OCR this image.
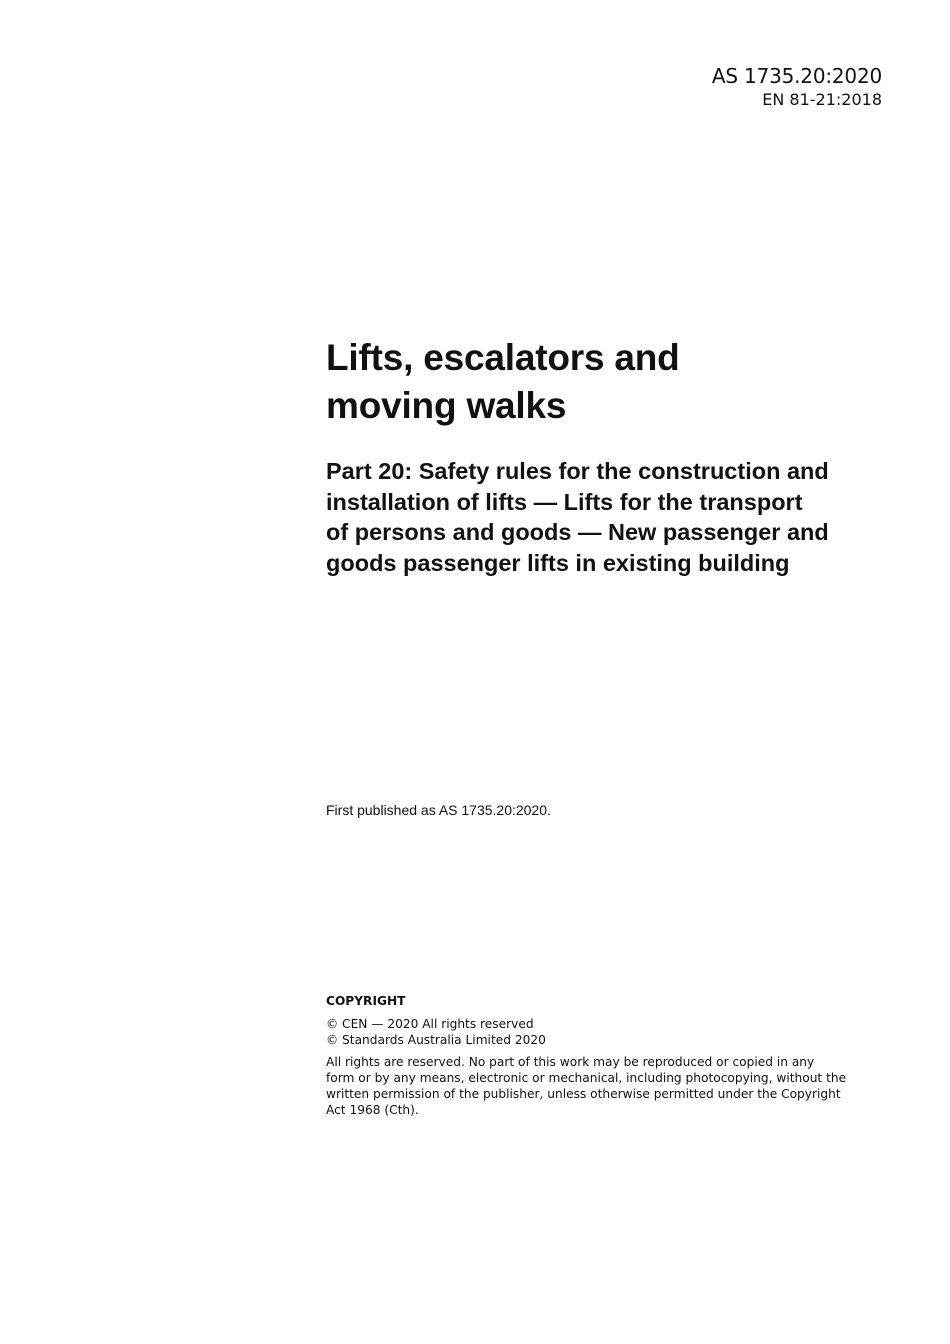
AS 1735.20:2020
EN 81-21:2018
Lifts, escalators and
moving walks
Part 20: Safety rules for the construction and
installation of lifts — Lifts for the transport
of persons and goods — New passenger and
goods passenger lifts in existing building

First published as AS 1735.20:2020.

COPYRIGHT

© CEN — 2020 All rights reserved

© Standards Australia Limited 2020

All rights are reserved. No part of this work may be reproduced or copied in any
form or by any means, electronic or mechanical, including photocopying, without the
written permission of the publisher, unless otherwise permitted under the Copyright
Act 1968 (Cth).
